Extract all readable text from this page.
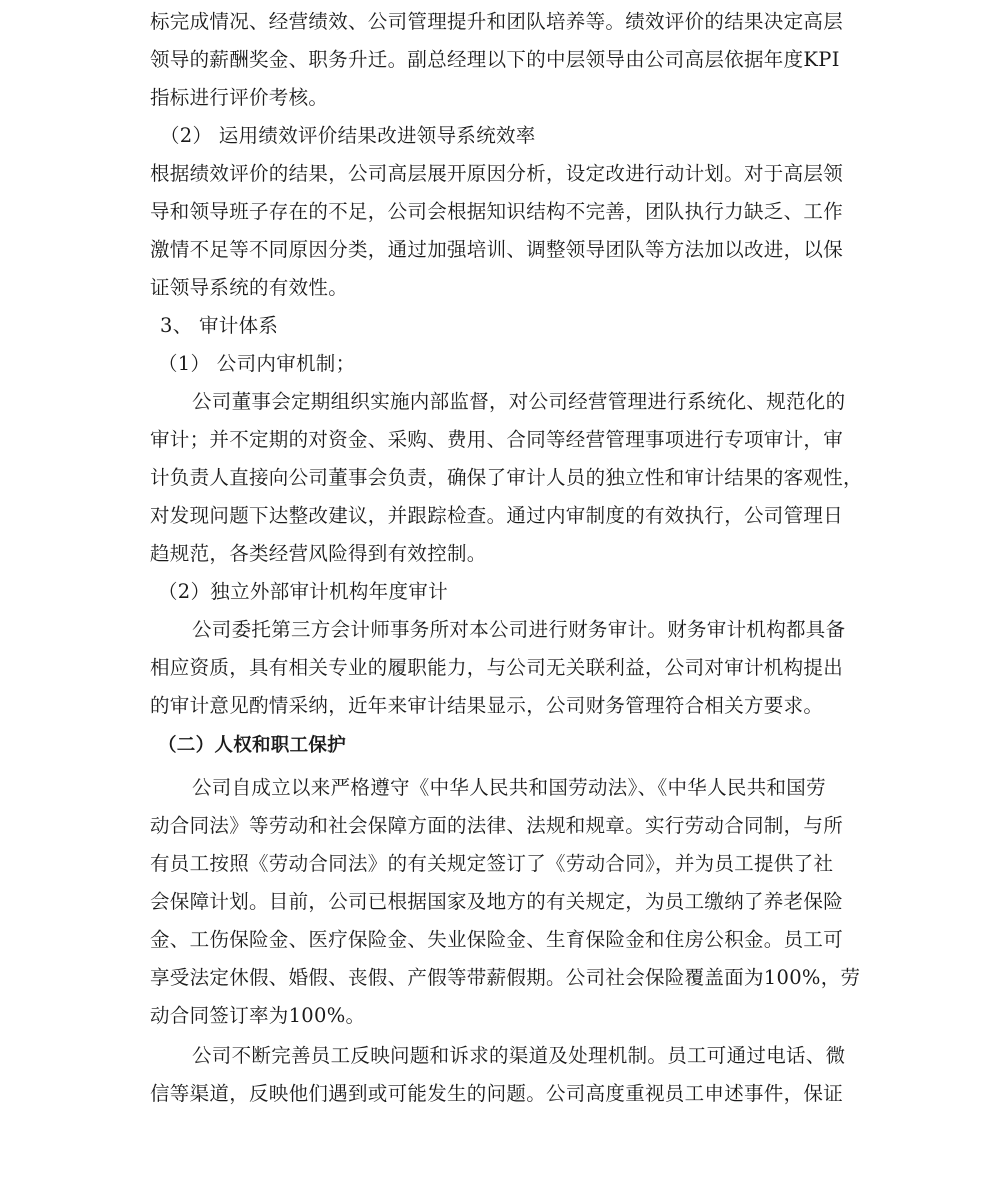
标完成情况、经营绩效、公司管理提升和团队培养等。绩效评价的结果决定高层
领导的薪酬奖金、职务升迁。副总经理以下的中层领导由公司高层依据年度KPI
指标进行评价考核。
（2） 运用绩效评价结果改进领导系统效率
根据绩效评价的结果，公司高层展开原因分析，设定改进行动计划。对于高层领
导和领导班子存在的不足，公司会根据知识结构不完善，团队执行力缺乏、工作
激情不足等不同原因分类，通过加强培训、调整领导团队等方法加以改进，以保
证领导系统的有效性。
3、 审计体系
（1） 公司内审机制；
公司董事会定期组织实施内部监督，对公司经营管理进行系统化、规范化的
审计；并不定期的对资金、采购、费用、合同等经营管理事项进行专项审计，审
计负责人直接向公司董事会负责，确保了审计人员的独立性和审计结果的客观性，
对发现问题下达整改建议，并跟踪检查。通过内审制度的有效执行，公司管理日
趋规范，各类经营风险得到有效控制。
（2）独立外部审计机构年度审计
公司委托第三方会计师事务所对本公司进行财务审计。财务审计机构都具备
相应资质，具有相关专业的履职能力，与公司无关联利益，公司对审计机构提出
的审计意见酌情采纳，近年来审计结果显示，公司财务管理符合相关方要求。
（二）人权和职工保护
公司自成立以来严格遵守《中华人民共和国劳动法》、《中华人民共和国劳
动合同法》等劳动和社会保障方面的法律、法规和规章。实行劳动合同制，与所
有员工按照《劳动合同法》的有关规定签订了《劳动合同》，并为员工提供了社
会保障计划。目前，公司已根据国家及地方的有关规定，为员工缴纳了养老保险
金、工伤保险金、医疗保险金、失业保险金、生育保险金和住房公积金。员工可
享受法定休假、婚假、丧假、产假等带薪假期。公司社会保险覆盖面为100%，劳
动合同签订率为100%。
公司不断完善员工反映问题和诉求的渠道及处理机制。员工可通过电话、微
信等渠道，反映他们遇到或可能发生的问题。公司高度重视员工申述事件，保证
